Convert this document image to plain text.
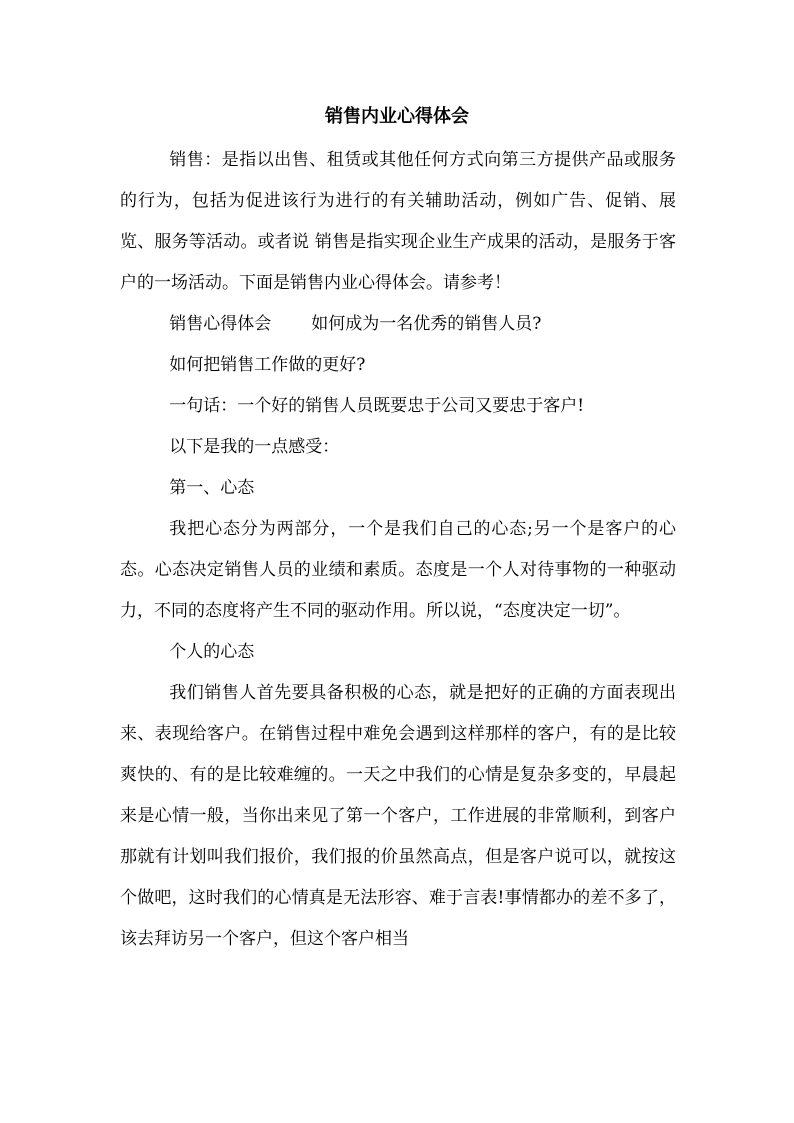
销售内业心得体会

销售：是指以出售、租赁或其他任何方式向第三方提供产品或服务的行为，包括为促进该行为进行的有关辅助活动，例如广告、促销、展览、服务等活动。或者说 销售是指实现企业生产成果的活动，是服务于客户的一场活动。下面是销售内业心得体会。请参考！

销售心得体会 如何成为一名优秀的销售人员?

如何把销售工作做的更好?

一句话：一个好的销售人员既要忠于公司又要忠于客户!

以下是我的一点感受：

第一、心态

我把心态分为两部分，一个是我们自己的心态;另一个是客户的心态。心态决定销售人员的业绩和素质。态度是一个人对待事物的一种驱动力，不同的态度将产生不同的驱动作用。所以说，“态度决定一切”。

个人的心态

我们销售人首先要具备积极的心态，就是把好的正确的方面表现出来、表现给客户。在销售过程中难免会遇到这样那样的客户，有的是比较爽快的、有的是比较难缠的。一天之中我们的心情是复杂多变的，早晨起来是心情一般，当你出来见了第一个客户，工作进展的非常顺利，到客户那就有计划叫我们报价，我们报的价虽然高点，但是客户说可以，就按这个做吧，这时我们的心情真是无法形容、难于言表!事情都办的差不多了，该去拜访另一个客户，但这个客户相当
